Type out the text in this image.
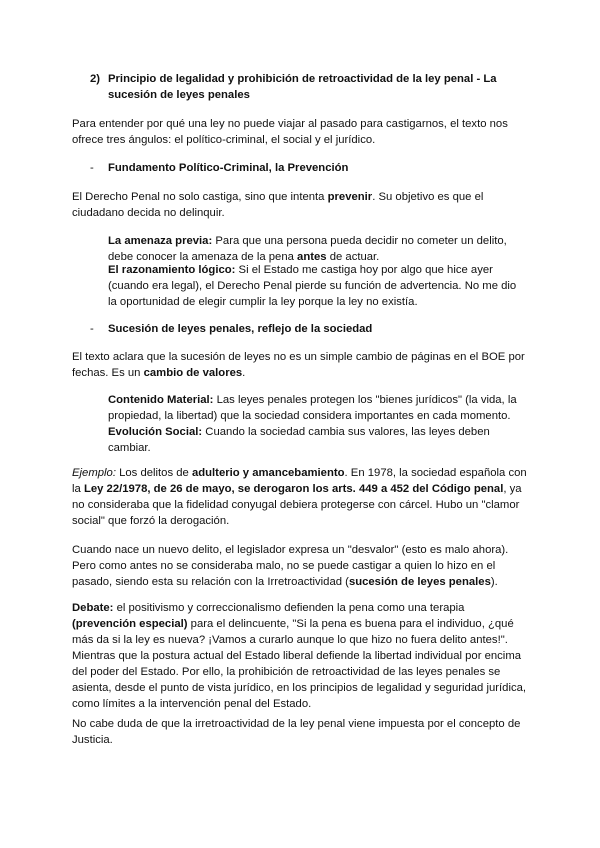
2) Principio de legalidad y prohibición de retroactividad de la ley penal - La sucesión de leyes penales

Para entender por qué una ley no puede viajar al pasado para castigarnos, el texto nos ofrece tres ángulos: el político-criminal, el social y el jurídico.

- Fundamento Político-Criminal, la Prevención

El Derecho Penal no solo castiga, sino que intenta prevenir. Su objetivo es que el ciudadano decida no delinquir.

La amenaza previa: Para que una persona pueda decidir no cometer un delito, debe conocer la amenaza de la pena antes de actuar.

El razonamiento lógico: Si el Estado me castiga hoy por algo que hice ayer (cuando era legal), el Derecho Penal pierde su función de advertencia. No me dio la oportunidad de elegir cumplir la ley porque la ley no existía.

- Sucesión de leyes penales, reflejo de la sociedad

El texto aclara que la sucesión de leyes no es un simple cambio de páginas en el BOE por fechas. Es un cambio de valores.

Contenido Material: Las leyes penales protegen los "bienes jurídicos" (la vida, la propiedad, la libertad) que la sociedad considera importantes en cada momento.

Evolución Social: Cuando la sociedad cambia sus valores, las leyes deben cambiar.

Ejemplo: Los delitos de adulterio y amancebamiento. En 1978, la sociedad española con la Ley 22/1978, de 26 de mayo, se derogaron los arts. 449 a 452 del Código penal, ya no consideraba que la fidelidad conyugal debiera protegerse con cárcel. Hubo un "clamor social" que forzó la derogación.

Cuando nace un nuevo delito, el legislador expresa un "desvalor" (esto es malo ahora). Pero como antes no se consideraba malo, no se puede castigar a quien lo hizo en el pasado, siendo esta su relación con la Irretroactividad (sucesión de leyes penales).

Debate: el positivismo y correccionalismo defienden la pena como una terapia (prevención especial) para el delincuente, "Si la pena es buena para el individuo, ¿qué más da si la ley es nueva? ¡Vamos a curarlo aunque lo que hizo no fuera delito antes!". Mientras que la postura actual del Estado liberal defiende la libertad individual por encima del poder del Estado. Por ello, la prohibición de retroactividad de las leyes penales se asienta, desde el punto de vista jurídico, en los principios de legalidad y seguridad jurídica, como límites a la intervención penal del Estado.

No cabe duda de que la irretroactividad de la ley penal viene impuesta por el concepto de Justicia.
